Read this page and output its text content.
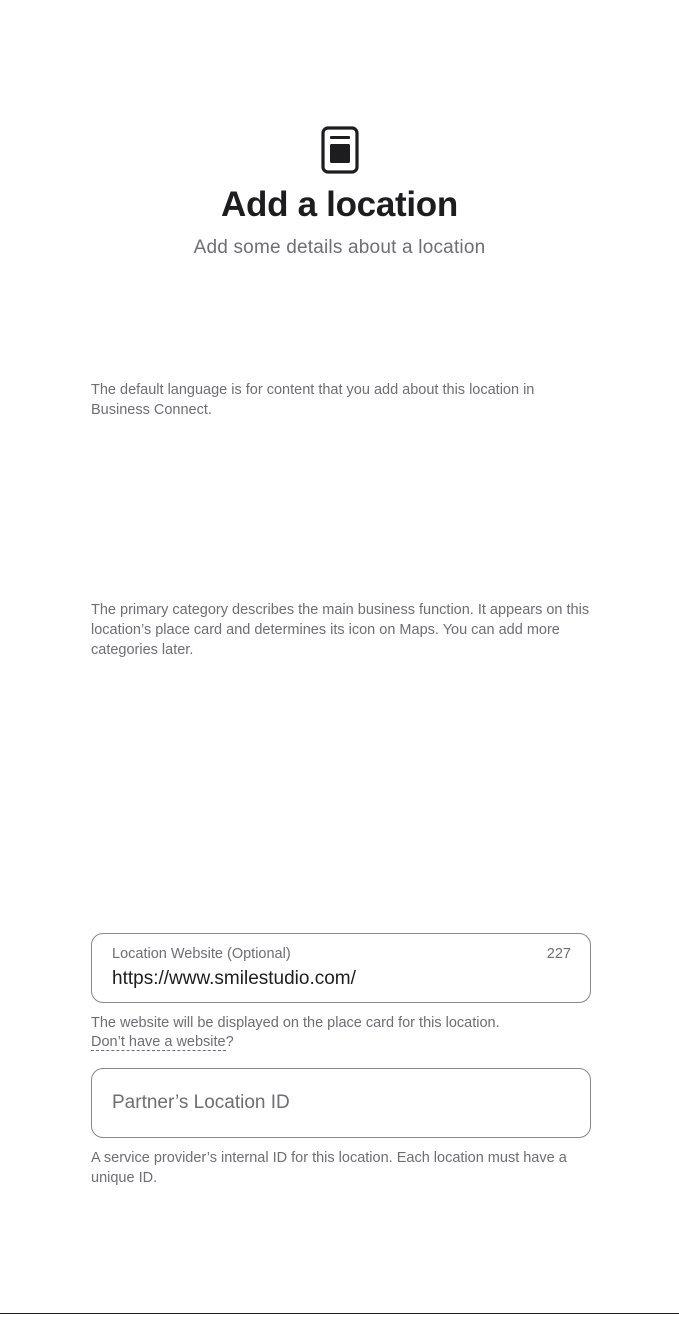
Add a location
Add some details about a location
The default language is for content that you add about this location in Business Connect.
The primary category describes the main business function. It appears on this location’s place card and determines its icon on Maps. You can add more categories later.
Location Website (Optional)	227
https://www.smilestudio.com/
The website will be displayed on the place card for this location.
Don’t have a website?
Partner’s Location ID
A service provider’s internal ID for this location. Each location must have a unique ID.
